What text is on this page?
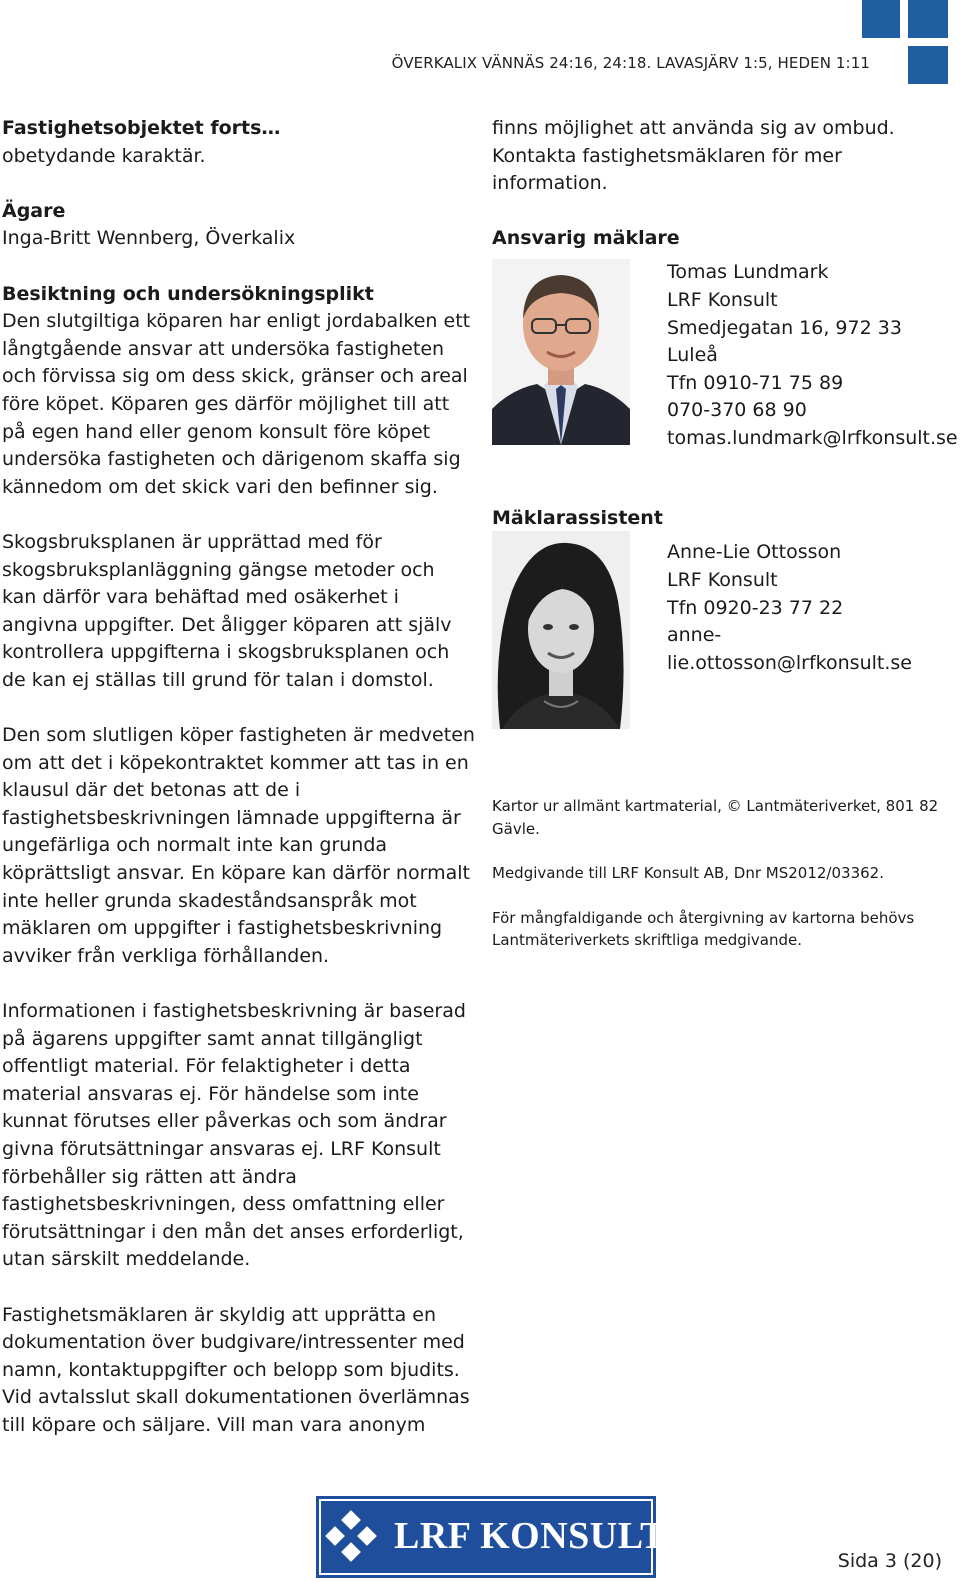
ÖVERKALIX VÄNNÄS 24:16, 24:18. LAVASJÄRV 1:5, HEDEN 1:11
Fastighetsobjektet forts…
obetydande karaktär.
Ägare
Inga-Britt Wennberg, Överkalix
Besiktning och undersökningsplikt
Den slutgiltiga köparen har enligt jordabalken ett
långtgående ansvar att undersöka fastigheten
och förvissa sig om dess skick, gränser och areal
före köpet. Köparen ges därför möjlighet till att
på egen hand eller genom konsult före köpet
undersöka fastigheten och därigenom skaffa sig
kännedom om det skick vari den befinner sig.
Skogsbruksplanen är upprättad med för
skogsbruksplanläggning gängse metoder och
kan därför vara behäftad med osäkerhet i
angivna uppgifter. Det åligger köparen att själv
kontrollera uppgifterna i skogsbruksplanen och
de kan ej ställas till grund för talan i domstol.
Den som slutligen köper fastigheten är medveten
om att det i köpekontraktet kommer att tas in en
klausul där det betonas att de i
fastighetsbeskrivningen lämnade uppgifterna är
ungefärliga och normalt inte kan grunda
köprättsligt ansvar. En köpare kan därför normalt
inte heller grunda skadeståndsanspråk mot
mäklaren om uppgifter i fastighetsbeskrivning
avviker från verkliga förhållanden.
Informationen i fastighetsbeskrivning är baserad
på ägarens uppgifter samt annat tillgängligt
offentligt material. För felaktigheter i detta
material ansvaras ej. För händelse som inte
kunnat förutses eller påverkas och som ändrar
givna förutsättningar ansvaras ej. LRF Konsult
förbehåller sig rätten att ändra
fastighetsbeskrivningen, dess omfattning eller
förutsättningar i den mån det anses erforderligt,
utan särskilt meddelande.
Fastighetsmäklaren är skyldig att upprätta en
dokumentation över budgivare/intressenter med
namn, kontaktuppgifter och belopp som bjudits.
Vid avtalsslut skall dokumentationen överlämnas
till köpare och säljare. Vill man vara anonym
finns möjlighet att använda sig av ombud.
Kontakta fastighetsmäklaren för mer
information.
Ansvarig mäklare
Tomas Lundmark
LRF Konsult
Smedjegatan 16, 972 33
Luleå
Tfn 0910-71 75 89
070-370 68 90
tomas.lundmark@lrfkonsult.se
Mäklarassistent
Anne-Lie Ottosson
LRF Konsult
Tfn 0920-23 77 22
anne-
lie.ottosson@lrfkonsult.se
Kartor ur allmänt kartmaterial, © Lantmäteriverket, 801 82
Gävle.
Medgivande till LRF Konsult AB, Dnr MS2012/03362.
För mångfaldigande och återgivning av kartorna behövs
Lantmäteriverkets skriftliga medgivande.
LRF KONSULT
Sida 3 (20)
